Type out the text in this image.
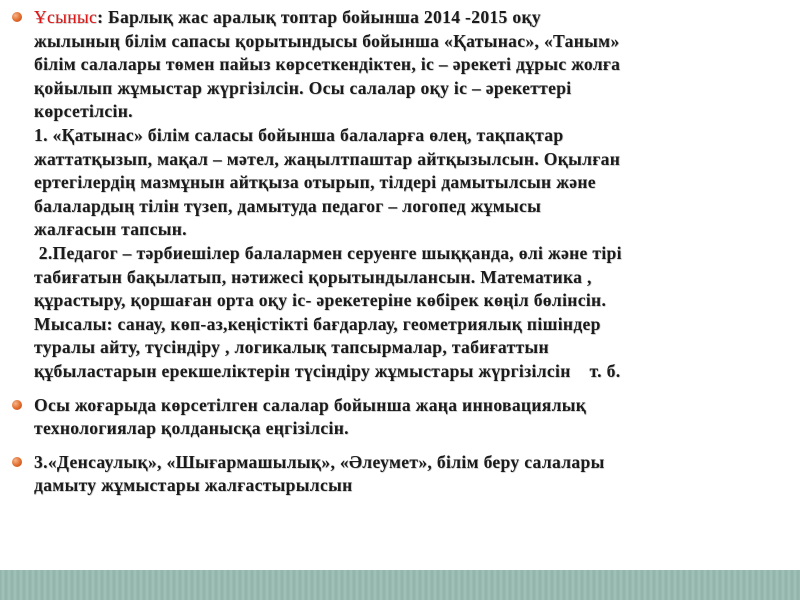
Ұсыныс: Барлық жас аралық топтар бойынша 2014 -2015 оқу
жылының білім сапасы қорытындысы бойынша «Қатынас», «Таным»
білім салалары төмен пайыз көрсеткендіктен, іс – әрекеті дұрыс жолға
қойылып жұмыстар жүргізілсін. Осы салалар оқу іс – әрекеттері
көрсетілсін.
1. «Қатынас» білім саласы бойынша балаларға өлең, тақпақтар
жаттатқызып, мақал – мәтел, жаңылтпаштар айтқызылсын. Оқылған
ертегілердің мазмұнын айтқыза отырып, тілдері дамытылсын және
балалардың тілін түзеп, дамытуда педагог – логопед жұмысы
жалғасын тапсын.
2.Педагог – тәрбиешілер балалармен серуенге шыққанда, өлі және тірі
табиғатын бақылатып, нәтижесі қорытындылансын. Математика ,
құрастыру, қоршаған орта оқу іс- әрекетеріне көбірек көңіл бөлінсін.
Мысалы: санау, көп-аз,кеңістікті бағдарлау, геометриялық пішіндер
туралы айту, түсіндіру , логикалық тапсырмалар, табиғаттын
құбыластарын ерекшеліктерін түсіндіру жұмыстары жүргізілсін    т. б.
Осы жоғарыда көрсетілген салалар бойынша жаңа инновациялық
технологиялар қолданысқа еңгізілсін.
3.«Денсаулық», «Шығармашылық», «Әлеумет», білім беру салалары
дамыту жұмыстары жалғастырылсын
